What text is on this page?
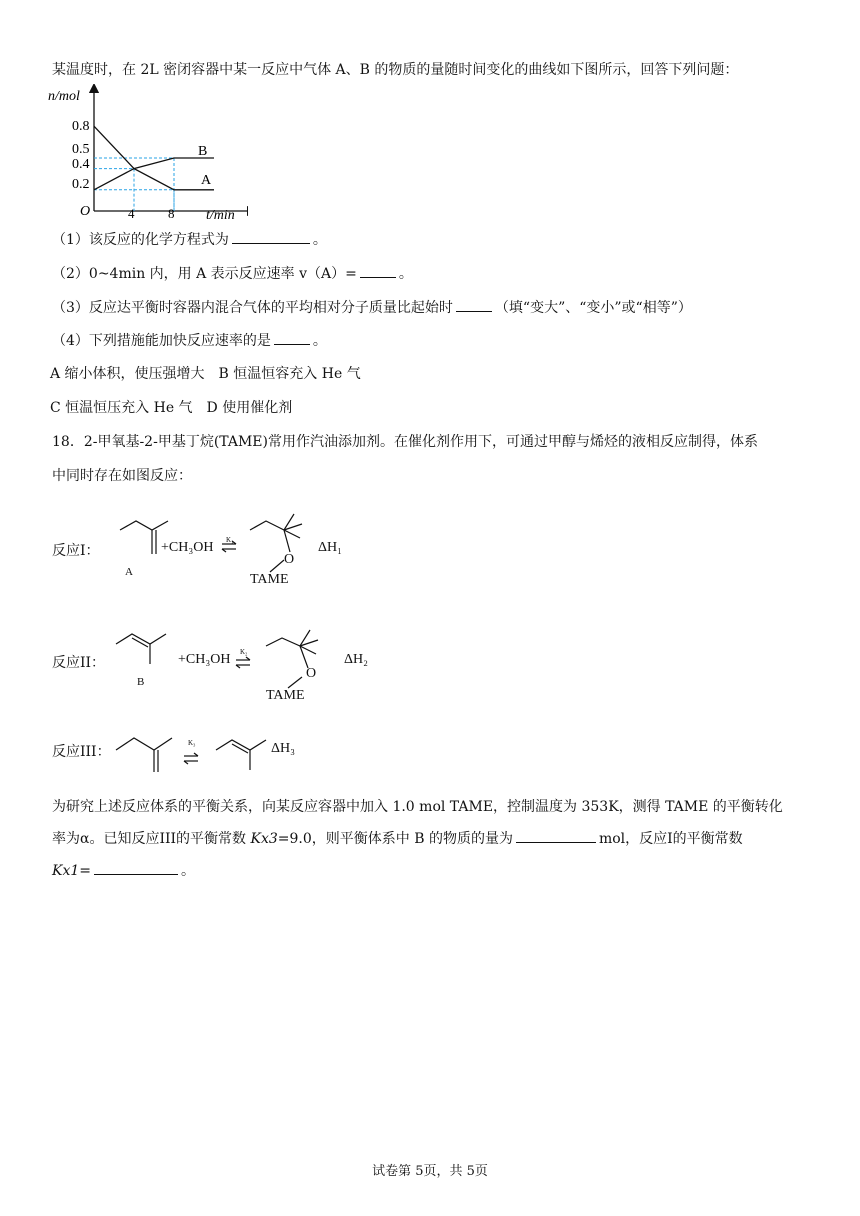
某温度时，在 2L 密闭容器中某一反应中气体 A、B 的物质的量随时间变化的曲线如下图所示，回答下列问题：
0.8
0.5
0.4
0.2
4	8
O
n/mol
t/min
B
A
（1）该反应的化学方程式为	。
（2）0~4min 内，用 A 表示反应速率 v（A）=	。
（3）反应达平衡时容器内混合气体的平均相对分子质量比起始时	（填“变大”、“变小”或“相等”）
（4）下列措施能加快反应速率的是	。
A 缩小体积，使压强增大　B 恒温恒容充入 He 气
C 恒温恒压充入 He 气　D 使用催化剂
18．2-甲氧基-2-甲基丁烷(TAME)常用作汽油添加剂。在催化剂作用下，可通过甲醇与烯烃的液相反应制得，体系
中同时存在如图反应：
反应I：	+CH₃OH K₁
O
TAME
ΔH₁
A
反应II：	+CH₃OH K₂
O
TAME
ΔH₂
B
反应III：
K₃	ΔH₃
为研究上述反应体系的平衡关系，向某反应容器中加入 1.0 mol TAME，控制温度为 353K，测得 TAME 的平衡转化
率为α。已知反应III的平衡常数 Kx3=9.0，则平衡体系中 B 的物质的量为	mol，反应I的平衡常数
Kx1=	。
试卷第 5页，共 5页
